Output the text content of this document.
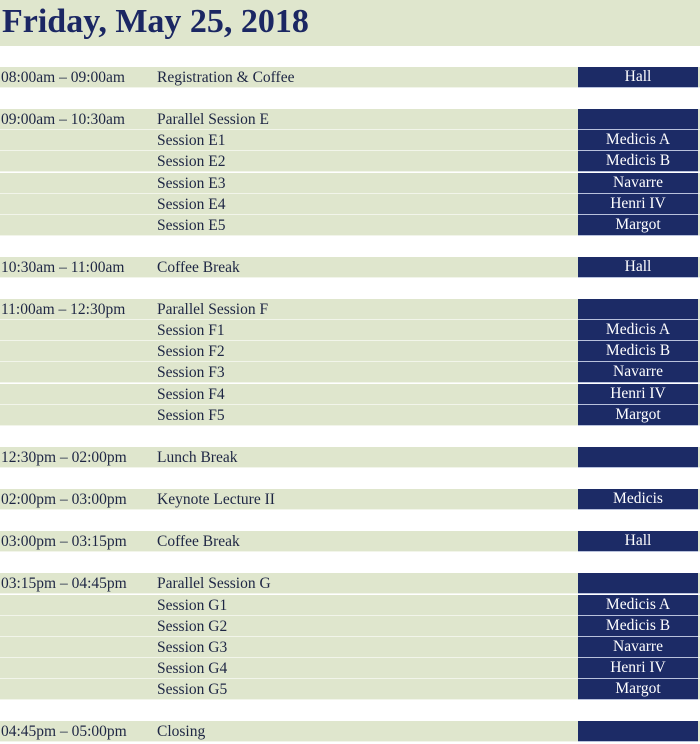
Friday, May 25, 2018
08:00am – 09:00am Registration & Coffee	Hall
09:00am – 10:30am Parallel Session E
Session E1	Medicis A
Session E2	Medicis B
Session E3	Navarre
Session E4	Henri IV
Session E5	Margot
10:30am – 11:00am Coffee Break	Hall
11:00am – 12:30pm Parallel Session F
Session F1	Medicis A
Session F2	Medicis B
Session F3	Navarre
Session F4	Henri IV
Session F5	Margot
12:30pm – 02:00pm Lunch Break
02:00pm – 03:00pm Keynote Lecture II	Medicis
03:00pm – 03:15pm Coffee Break	Hall
03:15pm – 04:45pm Parallel Session G
Session G1	Medicis A
Session G2	Medicis B
Session G3	Navarre
Session G4	Henri IV
Session G5	Margot
04:45pm – 05:00pm Closing
